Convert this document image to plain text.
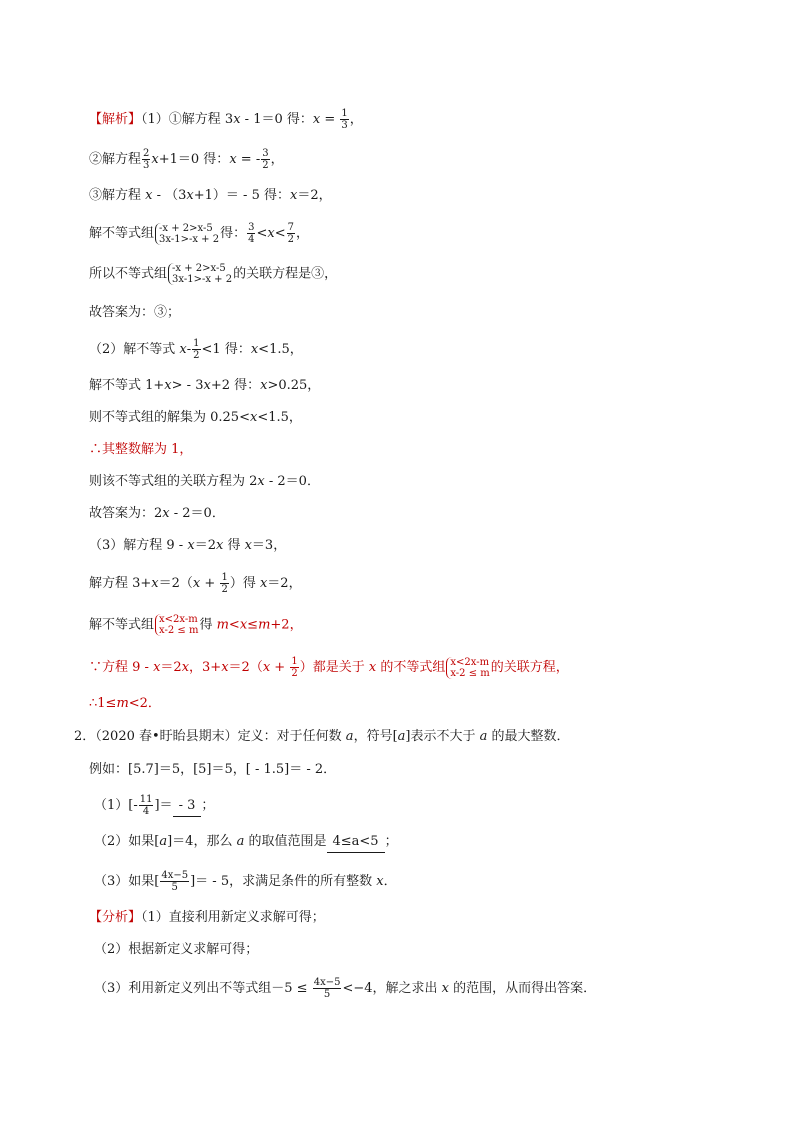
【解析】（1）①解方程 3x - 1＝0 得：$x = \frac{1}{3}$ ，
②解方程 $\frac{2}{3} x+1=0$ 得：x = - $\frac{3}{2}$ ，
③解方程 x - （3x+1）＝ - 5 得：x＝2，
解不等式组 -x + 2>x-5
3x-1>-x + 2 得： $\frac{3}{4} <x< \frac{7}{2}$ ，
所以不等式组 -x + 2>x-5
3x-1>-x + 2 的关联方程是③，
故答案为：③；
（2）解不等式 $x- \frac{1}{2} <1$ 得：x<1.5，
解不等式 1+x> - 3x+2 得：x>0.25，
则不等式组的解集为 0.25<x<1.5，
∴其整数解为 1，
则该不等式组的关联方程为 2x - 2＝0．
故答案为：2x - 2＝0．
（3）解方程 9 - x＝2x 得 x＝3，
解方程 $3+x=2(x + \frac{1}{2}$ ）得 x＝2，
解不等式组 x<2x-m
x-2 ≤ m 得 m<x≤m+2，
∵方程 9 - x＝2x，$3+x=2(x + \frac{1}{2}$ ）都是关于 x 的不等式组 x<2x-m
x-2 ≤ m 的关联方程，
∴1≤m<2．
2．（2020 春•盱眙县期末）定义：对于任何数 a，符号[a]表示不大于 a 的最大整数．
例如：[5.7]＝5，[5]＝5，[ - 1.5]＝ - 2．
$(1)[- \frac{11}{4}$ ]＝- 3；
（2）如果[a]＝4，那么 a 的取值范围是 4≤a<5 ；
（3）如果[ $\frac{4x-5}{5}$ ]＝ - 5，求满足条件的所有整数 x．
【分析】（1）直接利用新定义求解可得；
（2）根据新定义求解可得；
（3）利用新定义列出不等式组$-5 \le \frac{4x-5}{5} <-4$，解之求出 x 的范围，从而得出答案．
